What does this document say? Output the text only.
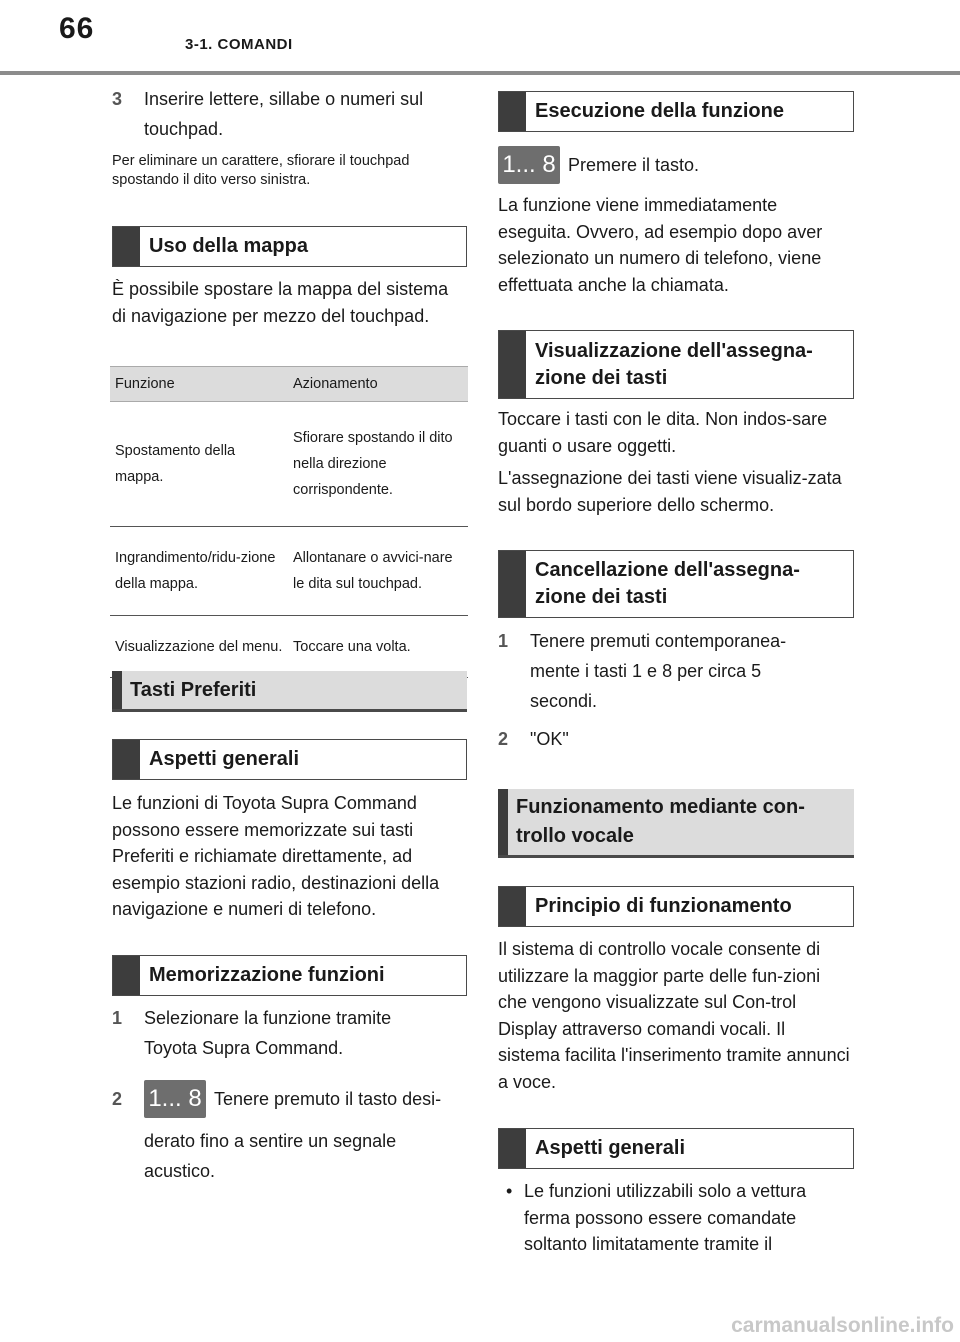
66	3-1. COMANDI
3	Inserire lettere, sillabe o numeri sul touchpad.
Per eliminare un carattere, sfiorare il touchpad spostando il dito verso sinistra.
Uso della mappa
È possibile spostare la mappa del sistema di navigazione per mezzo del touchpad.
Funzione	Azionamento
Spostamento della mappa.	Sfiorare spostando il dito nella direzione corrispondente.
Ingrandimento/ridu-zione della mappa.	Allontanare o avvici-nare le dita sul touchpad.
Visualizzazione del menu.	Toccare una volta.
Tasti Preferiti
Aspetti generali
Le funzioni di Toyota Supra Command possono essere memorizzate sui tasti Preferiti e richiamate direttamente, ad esempio stazioni radio, destinazioni della navigazione e numeri di telefono.
Memorizzazione funzioni
1	Selezionare la funzione tramite Toyota Supra Command.
2 1... 8 Tenere premuto il tasto desi-
derato fino a sentire un segnale acustico.
Esecuzione della funzione
1... 8 Premere il tasto.
La funzione viene immediatamente eseguita. Ovvero, ad esempio dopo aver selezionato un numero di telefono, viene effettuata anche la chiamata.
Visualizzazione dell'assegna-zione dei tasti
Toccare i tasti con le dita. Non indos-sare guanti o usare oggetti.
L'assegnazione dei tasti viene visualiz-zata sul bordo superiore dello schermo.
Cancellazione dell'assegna-zione dei tasti
1	Tenere premuti contemporanea-mente i tasti 1 e 8 per circa 5 secondi.
2	"OK"
Funzionamento mediante con-trollo vocale
Principio di funzionamento
Il sistema di controllo vocale consente di utilizzare la maggior parte delle fun-zioni che vengono visualizzate sul Con-trol Display attraverso comandi vocali. Il sistema facilita l'inserimento tramite annunci a voce.
Aspetti generali
• Le funzioni utilizzabili solo a vettura ferma possono essere comandate soltantо limitatamente tramite il
carmanualsonline.info
